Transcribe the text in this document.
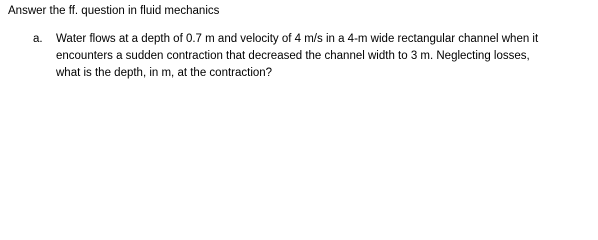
Answer the ff. question in fluid mechanics
a. Water flows at a depth of 0.7 m and velocity of 4 m/s in a 4-m wide rectangular channel when it
encounters a sudden contraction that decreased the channel width to 3 m. Neglecting losses,
what is the depth, in m, at the contraction?
